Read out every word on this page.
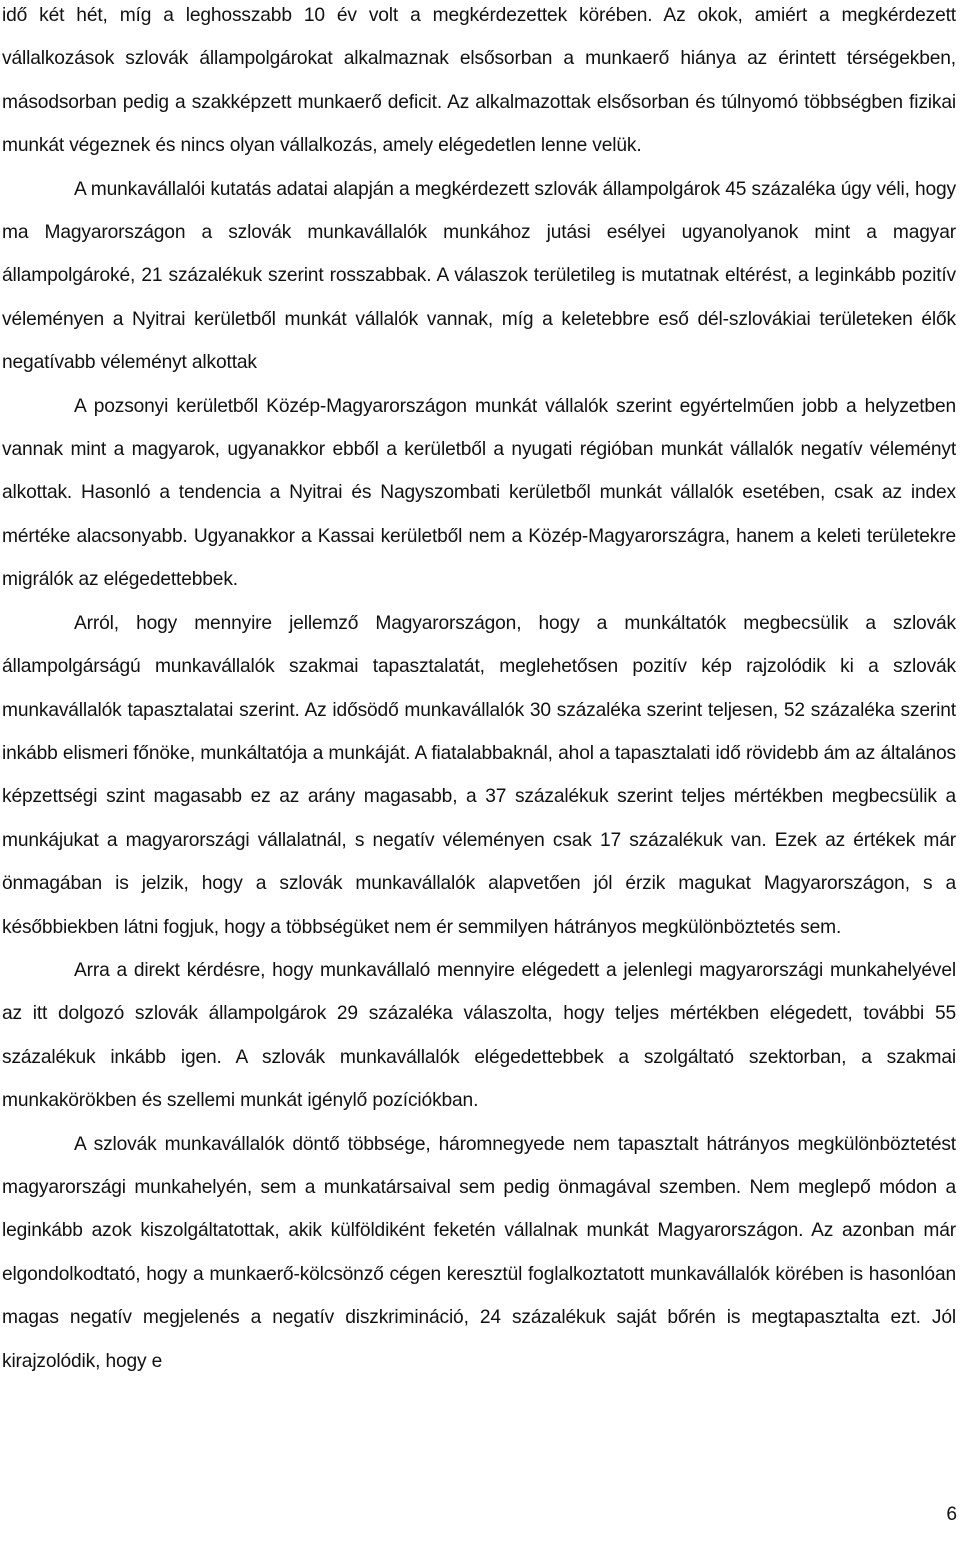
idő két hét, míg a leghosszabb 10 év volt a megkérdezettek körében. Az okok, amiért a megkérdezett vállalkozások szlovák állampolgárokat alkalmaznak elsősorban a munkaerő hiánya az érintett térségekben, másodsorban pedig a szakképzett munkaerő deficit. Az alkalmazottak elsősorban és túlnyomó többségben fizikai munkát végeznek és nincs olyan vállalkozás, amely elégedetlen lenne velük.

A munkavállalói kutatás adatai alapján a megkérdezett szlovák állampolgárok 45 százaléka úgy véli, hogy ma Magyarországon a szlovák munkavállalók munkához jutási esélyei ugyanolyanok mint a magyar állampolgároké, 21 százalékuk szerint rosszabbak. A válaszok területileg is mutatnak eltérést, a leginkább pozitív véleményen a Nyitrai kerületből munkát vállalók vannak, míg a keletebbre eső dél-szlovákiai területeken élők negatívabb véleményt alkottak

A pozsonyi kerületből Közép-Magyarországon munkát vállalók szerint egyértelműen jobb a helyzetben vannak mint a magyarok, ugyanakkor ebből a kerületből a nyugati régióban munkát vállalók negatív véleményt alkottak. Hasonló a tendencia a Nyitrai és Nagyszombati kerületből munkát vállalók esetében, csak az index mértéke alacsonyabb. Ugyanakkor a Kassai kerületből nem a Közép-Magyarországra, hanem a keleti területekre migrálók az elégedettebbek.

Arról, hogy mennyire jellemző Magyarországon, hogy a munkáltatók megbecsülik a szlovák állampolgárságú munkavállalók szakmai tapasztalatát, meglehetősen pozitív kép rajzolódik ki a szlovák munkavállalók tapasztalatai szerint. Az idősödő munkavállalók 30 százaléka szerint teljesen, 52 százaléka szerint inkább elismeri főnöke, munkáltatója a munkáját. A fiatalabbaknál, ahol a tapasztalati idő rövidebb ám az általános képzettségi szint magasabb ez az arány magasabb, a 37 százalékuk szerint teljes mértékben megbecsülik a munkájukat a magyarországi vállalatnál, s negatív véleményen csak 17 százalékuk van. Ezek az értékek már önmagában is jelzik, hogy a szlovák munkavállalók alapvetően jól érzik magukat Magyarországon, s a későbbiekben látni fogjuk, hogy a többségüket nem ér semmilyen hátrányos megkülönböztetés sem.

Arra a direkt kérdésre, hogy munkavállaló mennyire elégedett a jelenlegi magyarországi munkahelyével az itt dolgozó szlovák állampolgárok 29 százaléka válaszolta, hogy teljes mértékben elégedett, további 55 százalékuk inkább igen. A szlovák munkavállalók elégedettebbek a szolgáltató szektorban, a szakmai munkakörökben és szellemi munkát igénylő pozíciókban.

A szlovák munkavállalók döntő többsége, háromnegyede nem tapasztalt hátrányos megkülönböztetést magyarországi munkahelyén, sem a munkatársaival sem pedig önmagával szemben. Nem meglepő módon a leginkább azok kiszolgáltatottak, akik külföldiként feketén vállalnak munkát Magyarországon. Az azonban már elgondolkodtató, hogy a munkaerő-kölcsönző cégen keresztül foglalkoztatott munkavállalók körében is hasonlóan magas negatív megjelenés a negatív diszkrimináció, 24 százalékuk saját bőrén is megtapasztalta ezt. Jól kirajzolódik, hogy e

6
